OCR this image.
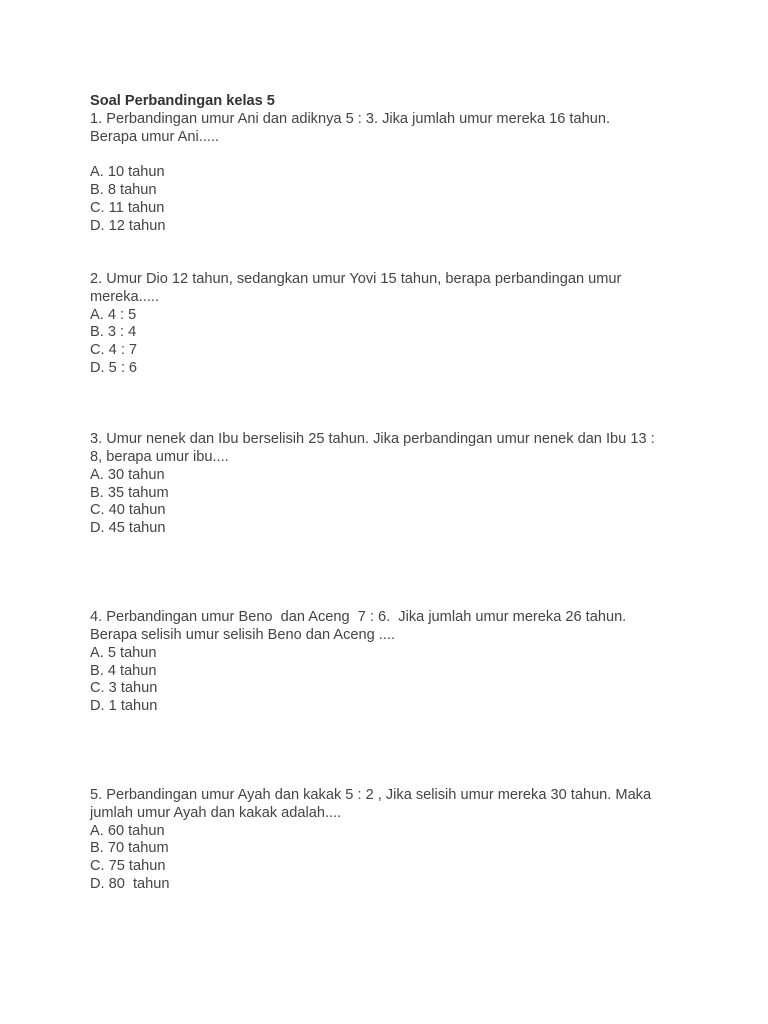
Soal Perbandingan kelas 5
1. Perbandingan umur Ani dan adiknya 5 : 3. Jika jumlah umur mereka 16 tahun.
Berapa umur Ani.....
A. 10 tahun
B. 8 tahun
C. 11 tahun
D. 12 tahun
2. Umur Dio 12 tahun, sedangkan umur Yovi 15 tahun, berapa perbandingan umur
mereka.....
A. 4 : 5
B. 3 : 4
C. 4 : 7
D. 5 : 6
3. Umur nenek dan Ibu berselisih 25 tahun. Jika perbandingan umur nenek dan Ibu 13 :
8, berapa umur ibu....
A. 30 tahun
B. 35 tahum
C. 40 tahun
D. 45 tahun
4. Perbandingan umur Beno  dan Aceng  7 : 6.  Jika jumlah umur mereka 26 tahun.
Berapa selisih umur selisih Beno dan Aceng ....
A. 5 tahun
B. 4 tahun
C. 3 tahun
D. 1 tahun
5. Perbandingan umur Ayah dan kakak 5 : 2 , Jika selisih umur mereka 30 tahun. Maka
jumlah umur Ayah dan kakak adalah....
A. 60 tahun
B. 70 tahum
C. 75 tahun
D. 80  tahun
